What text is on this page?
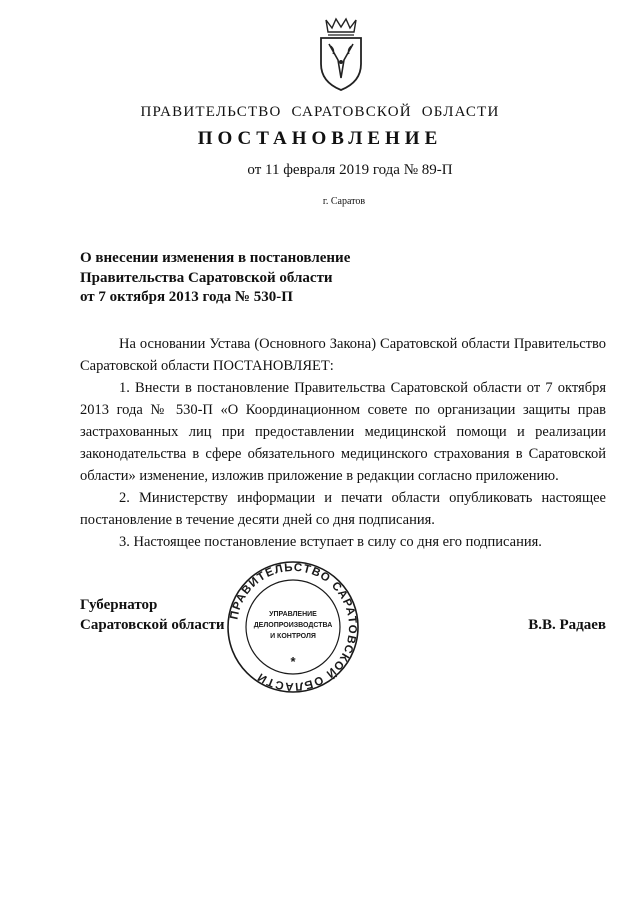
ПРАВИТЕЛЬСТВО САРАТОВСКОЙ ОБЛАСТИ
ПОСТАНОВЛЕНИЕ
от 11 февраля 2019 года № 89-П
г. Саратов
О внесении изменения в постановление
Правительства Саратовской области
от 7 октября 2013 года № 530-П

На основании Устава (Основного Закона) Саратовской области Правительство Саратовской области ПОСТАНОВЛЯЕТ:

1. Внести в постановление Правительства Саратовской области от 7 октября 2013 года № 530-П «О Координационном совете по организации защиты прав застрахованных лиц при предоставлении медицинской помощи и реализации законодательства в сфере обязательного медицинского страхования в Саратовской области» изменение, изложив приложение в редакции согласно приложению.

2. Министерству информации и печати области опубликовать настоящее постановление в течение десяти дней со дня подписания.

3. Настоящее постановление вступает в силу со дня его подписания.

Губернатор
Саратовской области	В.В. Радаев
ПРАВИТЕЛЬСТВО САРАТОВСКОЙ ОБЛАСТИ
УПРАВЛЕНИЕ
ДЕЛОПРОИЗВОДСТВА
И КОНТРОЛЯ
*
